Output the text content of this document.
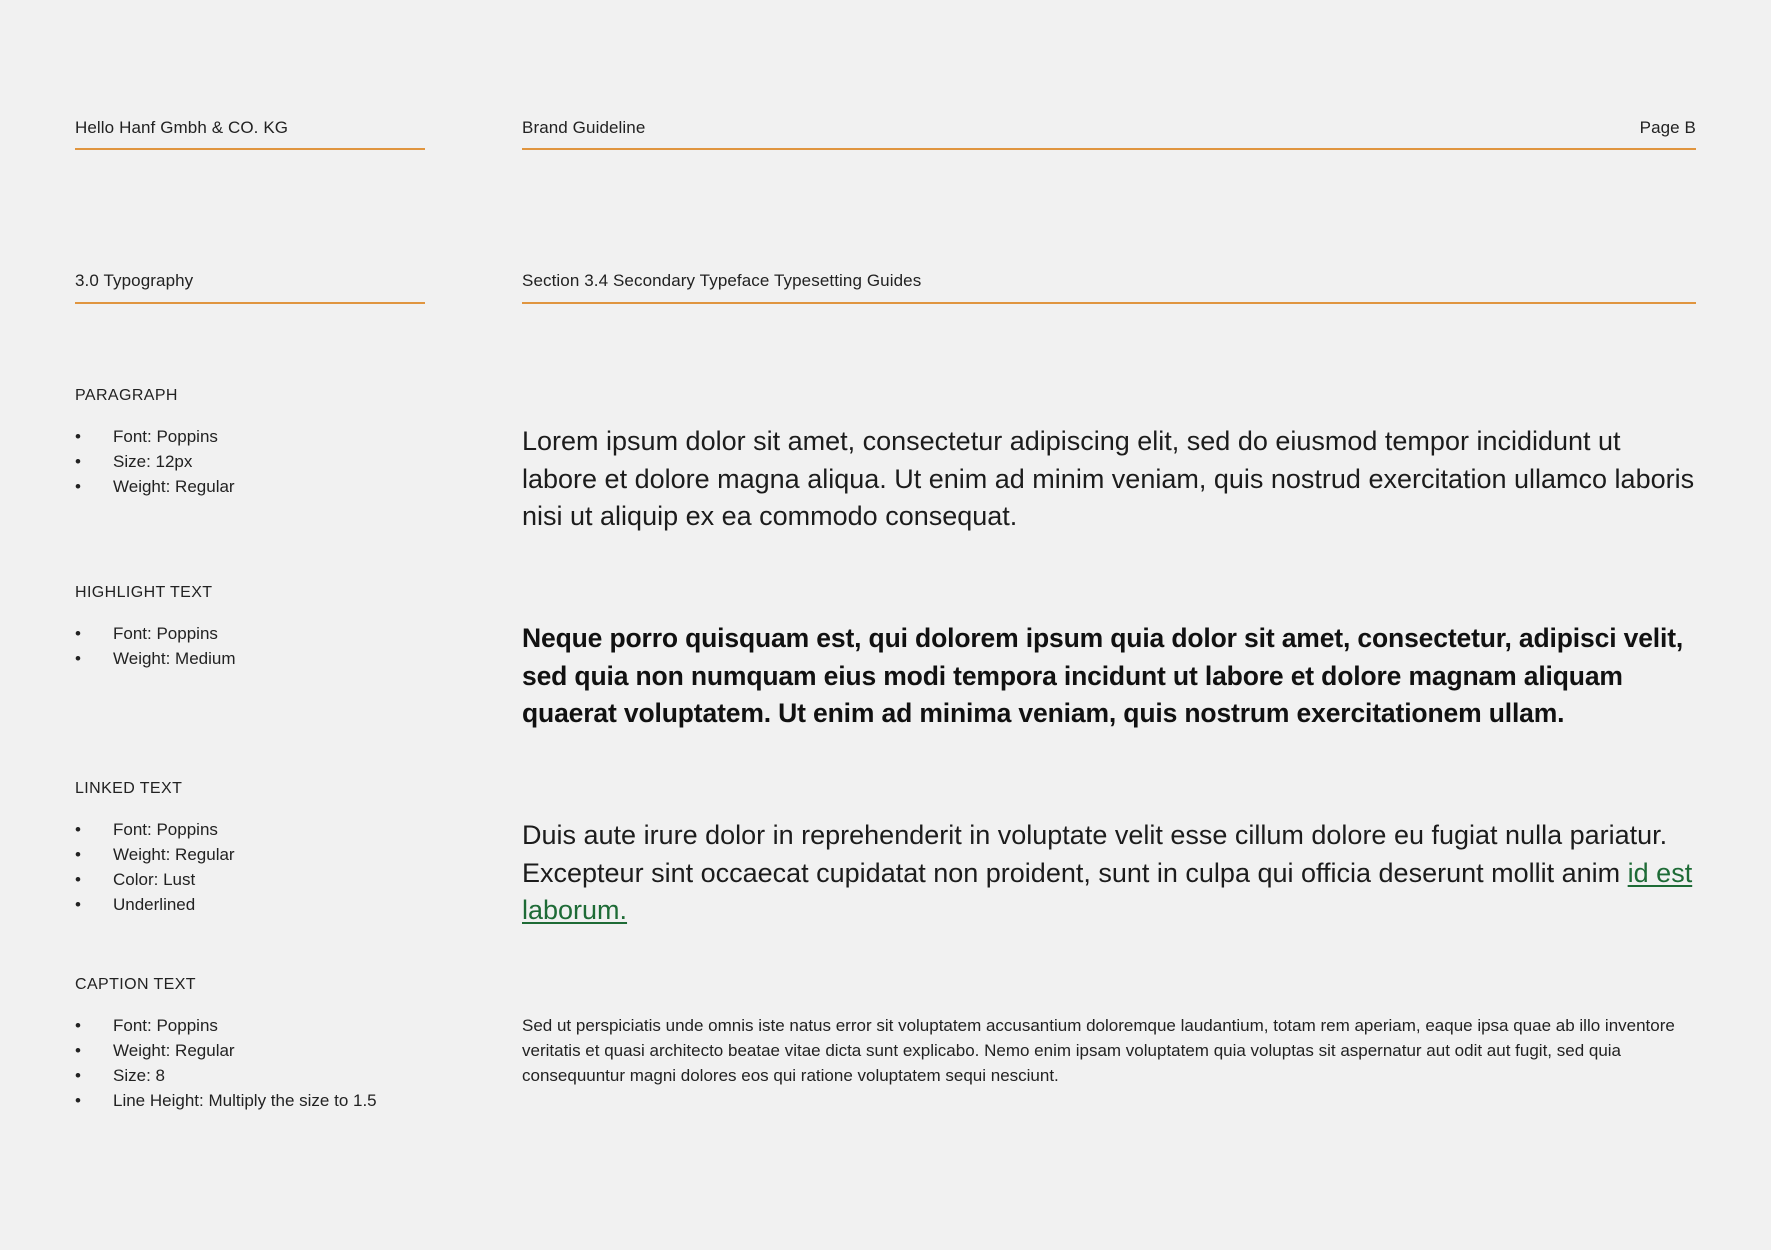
Hello Hanf Gmbh & CO. KG	Brand Guideline	Page B
3.0 Typography	Section 3.4 Secondary Typeface Typesetting Guides
PARAGRAPH
• Font: Poppins
• Size: 12px
• Weight: Regular
HIGHLIGHT TEXT
• Font: Poppins
• Weight: Medium
LINKED TEXT
• Font: Poppins
• Weight: Regular
• Color: Lust
• Underlined
CAPTION TEXT
• Font: Poppins
• Weight: Regular
• Size: 8
• Line Height: Multiply the size to 1.5
Lorem ipsum dolor sit amet, consectetur adipiscing elit, sed do eiusmod tempor incididunt ut labore et dolore magna aliqua. Ut enim ad minim veniam, quis nostrud exercitation ullamco laboris nisi ut aliquip ex ea commodo consequat.
Neque porro quisquam est, qui dolorem ipsum quia dolor sit amet, consectetur, adipisci velit, sed quia non numquam eius modi tempora incidunt ut labore et dolore magnam aliquam quaerat voluptatem. Ut enim ad minima veniam, quis nostrum exercitationem ullam.
Duis aute irure dolor in reprehenderit in voluptate velit esse cillum dolore eu fugiat nulla pariatur. Excepteur sint occaecat cupidatat non proident, sunt in culpa qui officia deserunt mollit anim id est laborum.
Sed ut perspiciatis unde omnis iste natus error sit voluptatem accusantium doloremque laudantium, totam rem aperiam, eaque ipsa quae ab illo inventore veritatis et quasi architecto beatae vitae dicta sunt explicabo. Nemo enim ipsam voluptatem quia voluptas sit aspernatur aut odit aut fugit, sed quia consequuntur magni dolores eos qui ratione voluptatem sequi nesciunt.
